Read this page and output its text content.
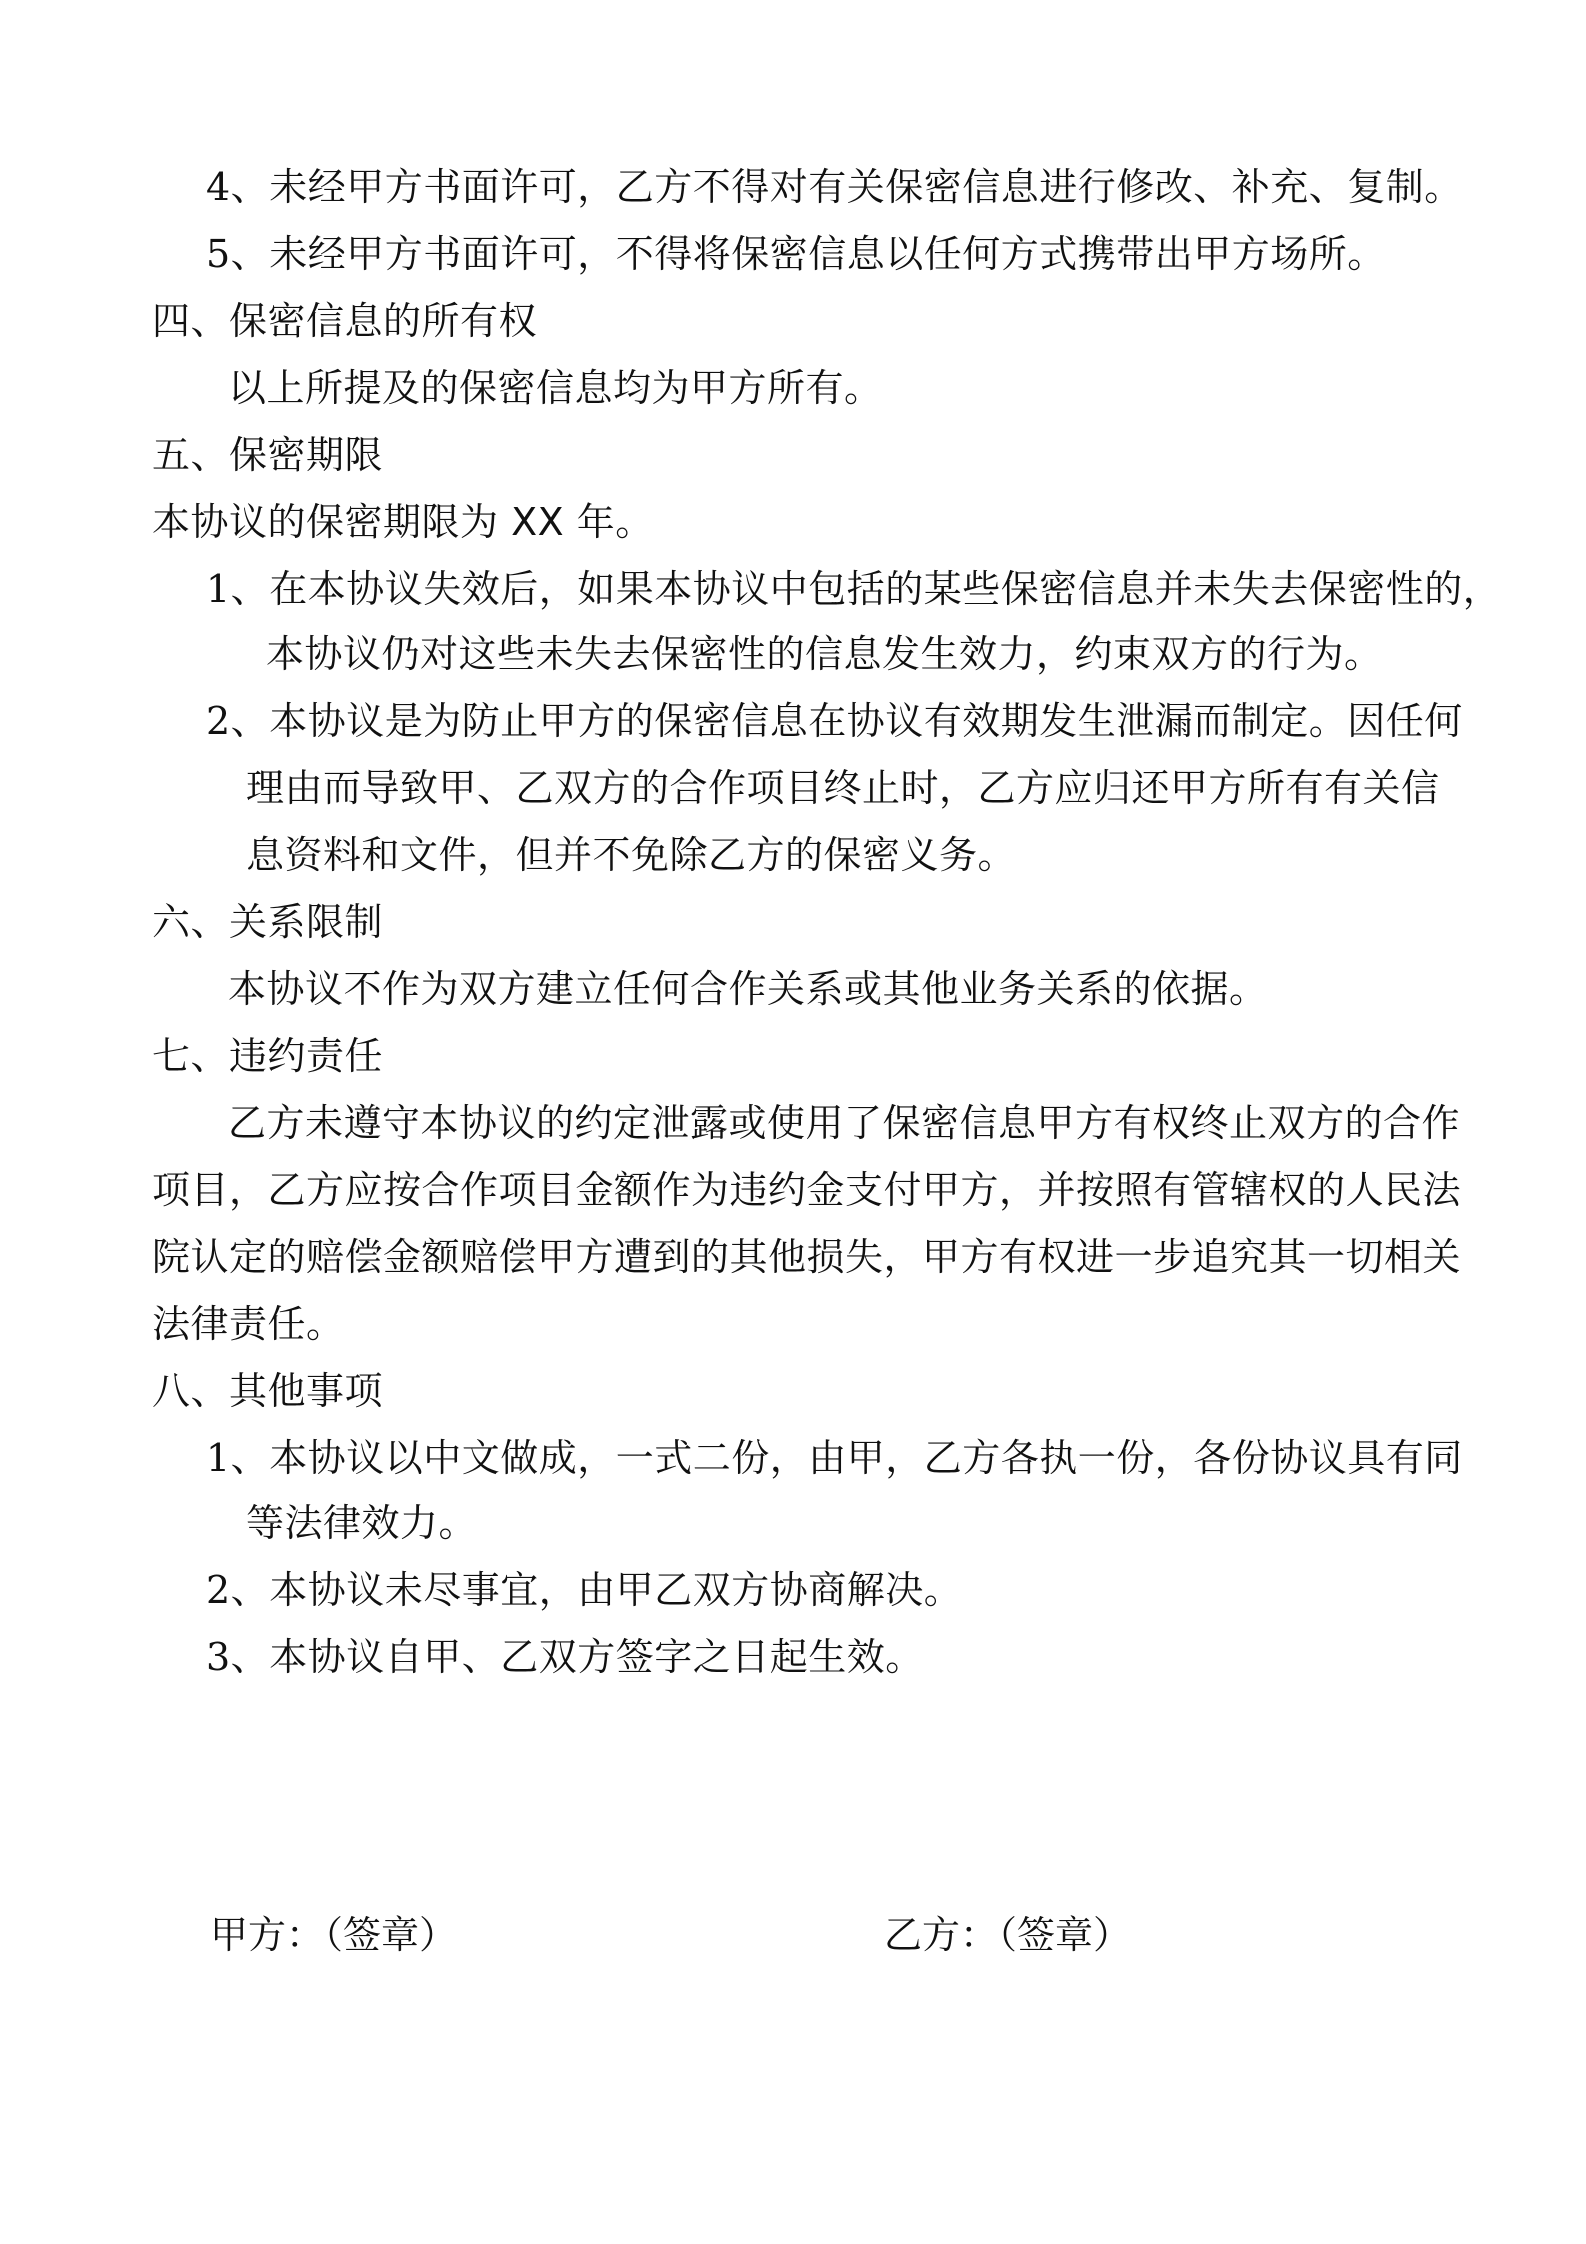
4、未经甲方书面许可，乙方不得对有关保密信息进行修改、补充、复制。
5、未经甲方书面许可，不得将保密信息以任何方式携带出甲方场所。
四、保密信息的所有权
以上所提及的保密信息均为甲方所有。
五、保密期限
本协议的保密期限为 XX 年。
1、在本协议失效后，如果本协议中包括的某些保密信息并未失去保密性的，
本协议仍对这些未失去保密性的信息发生效力，约束双方的行为。
2、本协议是为防止甲方的保密信息在协议有效期发生泄漏而制定。因任何
理由而导致甲、乙双方的合作项目终止时，乙方应归还甲方所有有关信
息资料和文件，但并不免除乙方的保密义务。
六、关系限制
本协议不作为双方建立任何合作关系或其他业务关系的依据。
七、违约责任
乙方未遵守本协议的约定泄露或使用了保密信息甲方有权终止双方的合作
项目，乙方应按合作项目金额作为违约金支付甲方，并按照有管辖权的人民法
院认定的赔偿金额赔偿甲方遭到的其他损失，甲方有权进一步追究其一切相关
法律责任。
八、其他事项
1、本协议以中文做成，一式二份，由甲，乙方各执一份，各份协议具有同
等法律效力。
2、本协议未尽事宜，由甲乙双方协商解决。
3、本协议自甲、乙双方签字之日起生效。
甲方：（签章）	乙方：（签章）
